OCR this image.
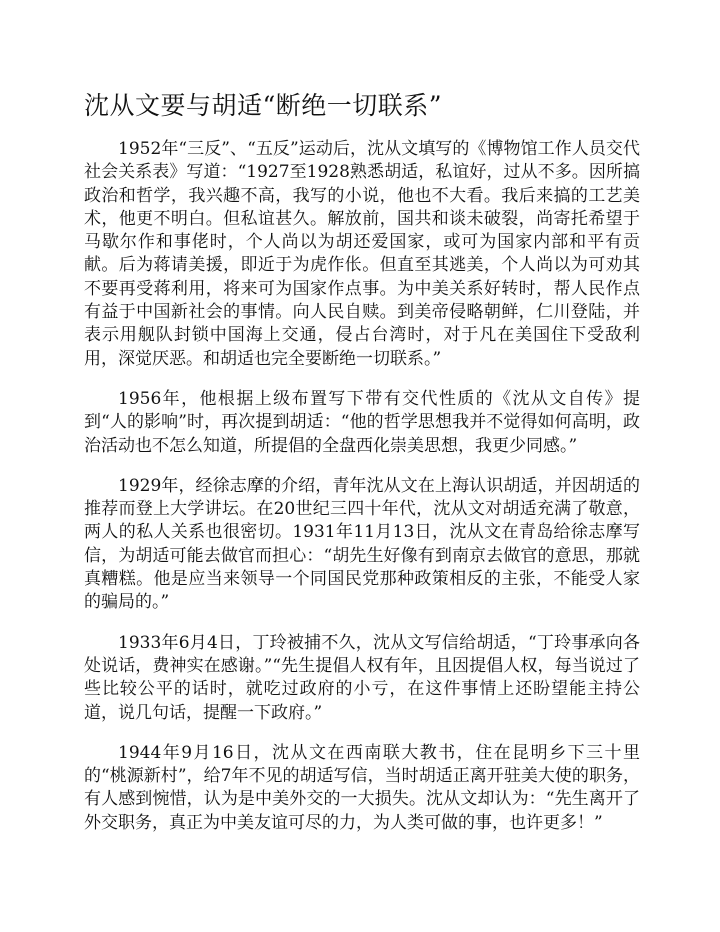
沈从文要与胡适“断绝一切联系”

1952年“三反”、“五反”运动后，沈从文填写的《博物馆工作人员交代社会关系表》写道：“1927至1928熟悉胡适，私谊好，过从不多。因所搞政治和哲学，我兴趣不高，我写的小说，他也不大看。我后来搞的工艺美术，他更不明白。但私谊甚久。解放前，国共和谈未破裂，尚寄托希望于马歇尔作和事佬时，个人尚以为胡还爱国家，或可为国家内部和平有贡献。后为蒋请美援，即近于为虎作伥。但直至其逃美，个人尚以为可劝其不要再受蒋利用，将来可为国家作点事。为中美关系好转时，帮人民作点有益于中国新社会的事情。向人民自赎。到美帝侵略朝鲜，仁川登陆，并表示用舰队封锁中国海上交通，侵占台湾时，对于凡在美国住下受敌利用，深觉厌恶。和胡适也完全要断绝一切联系。”

1956年，他根据上级布置写下带有交代性质的《沈从文自传》提到“人的影响”时，再次提到胡适：“他的哲学思想我并不觉得如何高明，政治活动也不怎么知道，所提倡的全盘西化崇美思想，我更少同感。”

1929年，经徐志摩的介绍，青年沈从文在上海认识胡适，并因胡适的推荐而登上大学讲坛。在20世纪三四十年代，沈从文对胡适充满了敬意，两人的私人关系也很密切。1931年11月13日，沈从文在青岛给徐志摩写信，为胡适可能去做官而担心：“胡先生好像有到南京去做官的意思，那就真糟糕。他是应当来领导一个同国民党那种政策相反的主张，不能受人家的骗局的。”

1933年6月4日，丁玲被捕不久，沈从文写信给胡适，“丁玲事承向各处说话，费神实在感谢。”“先生提倡人权有年，且因提倡人权，每当说过了些比较公平的话时，就吃过政府的小亏，在这件事情上还盼望能主持公道，说几句话，提醒一下政府。”

1944年9月16日，沈从文在西南联大教书，住在昆明乡下三十里的“桃源新村”，给7年不见的胡适写信，当时胡适正离开驻美大使的职务，有人感到惋惜，认为是中美外交的一大损失。沈从文却认为：“先生离开了外交职务，真正为中美友谊可尽的力，为人类可做的事，也许更多！”
